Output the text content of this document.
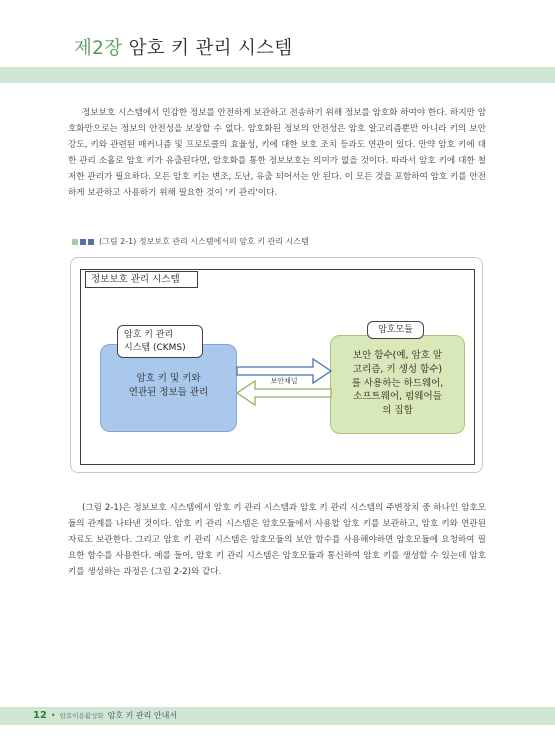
제2장 암호 키 관리 시스템

정보보호 시스템에서 민감한 정보를 안전하게 보관하고 전송하기 위해 정보를 암호화 하여야 한다. 하지만 암호화만으로는 정보의 안전성을 보장할 수 없다. 암호화된 정보의 안전성은 암호 알고리즘뿐만 아니라 키의 보안 강도, 키와 관련된 매커니즘 및 프로토콜의 효율성, 키에 대한 보호 조치 등과도 연관이 있다. 만약 암호 키에 대한 관리 소홀로 암호 키가 유출된다면, 암호화를 통한 정보보호는 의미가 없을 것이다. 따라서 암호 키에 대한 철저한 관리가 필요하다. 모든 암호 키는 변조, 도난, 유출 되어서는 안 된다. 이 모든 것을 포함하여 암호 키를 안전하게 보관하고 사용하기 위해 필요한 것이 '키 관리'이다.

(그림 2-1) 정보보호 관리 시스템에서의 암호 키 관리 시스템
정보보호 관리 시스템
암호 키 및 키와
연관된 정보들 관리
암호 키 관리
시스템 (CKMS)
보안 함수(예, 암호 알
고리즘, 키 생성 함수)
를 사용하는 하드웨어,
소프트웨어, 펌웨어들
의 집합
암호모듈
보안채널

(그림 2-1)은 정보보호 시스템에서 암호 키 관리 시스템과 암호 키 관리 시스템의 주변장치 중 하나인 암호모듈의 관계를 나타낸 것이다. 암호 키 관리 시스템은 암호모듈에서 사용할 암호 키를 보관하고, 암호 키와 연관된 자료도 보관한다. 그리고 암호 키 관리 시스템은 암호모듈의 보안 함수를 사용해야하면 암호모듈에 요청하여 필요한 함수를 사용한다. 예를 들어, 암호 키 관리 시스템은 암호모듈과 통신하여 암호 키를 생성할 수 있는데 암호 키를 생성하는 과정은 (그림 2-2)와 같다.

12 • 암호이용활성화 암호 키 관리 안내서
